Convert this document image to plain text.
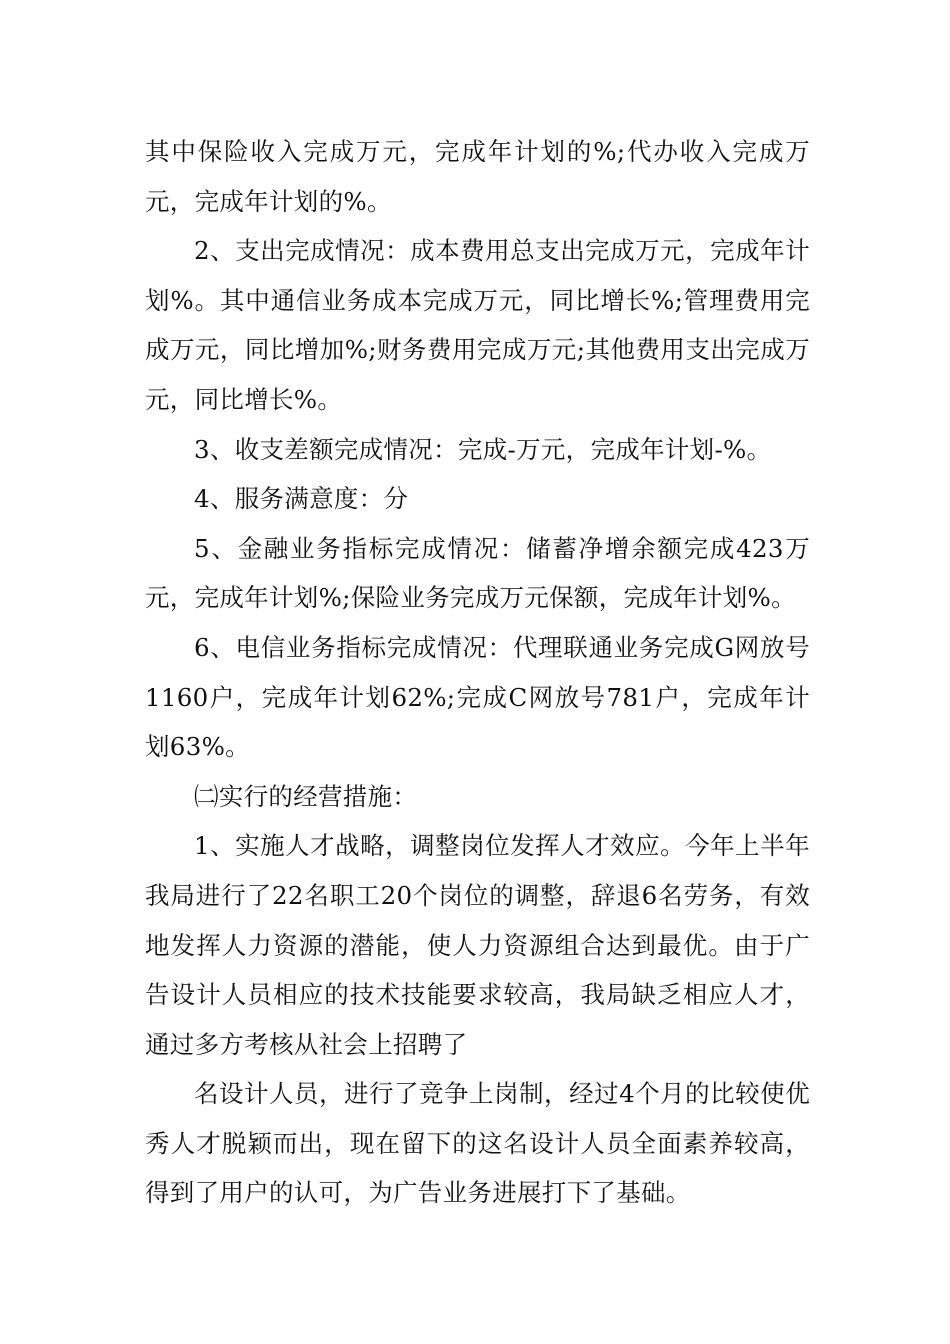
其中保险收入完成万元，完成年计划的%;代办收入完成万元，完成年计划的%。

2、支出完成情况：成本费用总支出完成万元，完成年计划%。其中通信业务成本完成万元，同比增长%;管理费用完成万元，同比增加%;财务费用完成万元;其他费用支出完成万元，同比增长%。

3、收支差额完成情况：完成-万元，完成年计划-%。

4、服务满意度：分

5、金融业务指标完成情况：储蓄净增余额完成423万元，完成年计划%;保险业务完成万元保额，完成年计划%。

6、电信业务指标完成情况：代理联通业务完成G网放号1160户，完成年计划62%;完成C网放号781户，完成年计划63%。

㈡实行的经营措施：

1、实施人才战略，调整岗位发挥人才效应。今年上半年我局进行了22名职工20个岗位的调整，辞退6名劳务，有效地发挥人力资源的潜能，使人力资源组合达到最优。由于广告设计人员相应的技术技能要求较高，我局缺乏相应人才，通过多方考核从社会上招聘了

名设计人员，进行了竞争上岗制，经过4个月的比较使优秀人才脱颖而出，现在留下的这名设计人员全面素养较高，得到了用户的认可，为广告业务进展打下了基础。
